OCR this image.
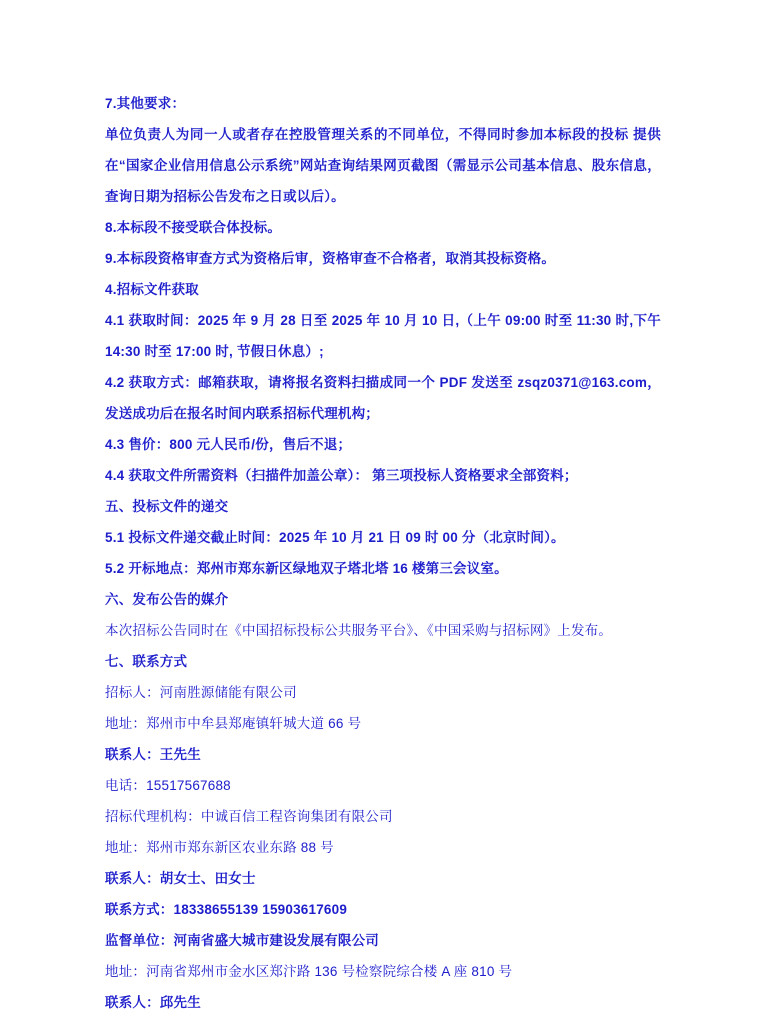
7.其他要求：

单位负责人为同一人或者存在控股管理关系的不同单位，不得同时参加本标段的投标 提供在“国家企业信用信息公示系统”网站查询结果网页截图（需显示公司基本信息、股东信息，查询日期为招标公告发布之日或以后）。

8.本标段不接受联合体投标。

9.本标段资格审查方式为资格后审，资格审查不合格者，取消其投标资格。

4.招标文件获取

4.1 获取时间：2025 年 9 月 28 日至 2025 年 10 月 10 日,（上午 09:00 时至 11:30 时,下午 14:30 时至 17:00 时, 节假日休息）;

4.2 获取方式：邮箱获取，请将报名资料扫描成同一个 PDF 发送至 zsqz0371@163.com，发送成功后在报名时间内联系招标代理机构；

4.3 售价：800 元人民币/份，售后不退；

4.4 获取文件所需资料（扫描件加盖公章）： 第三项投标人资格要求全部资料；

五、投标文件的递交

5.1 投标文件递交截止时间：2025 年 10 月 21 日 09 时 00 分（北京时间）。

5.2 开标地点：郑州市郑东新区绿地双子塔北塔 16 楼第三会议室。

六、发布公告的媒介

本次招标公告同时在《中国招标投标公共服务平台》、《中国采购与招标网》上发布。

七、联系方式

招标人：河南胜源储能有限公司

地址：郑州市中牟县郑庵镇轩城大道 66 号

联系人：王先生

电话：15517567688

招标代理机构：中诚百信工程咨询集团有限公司

地址：郑州市郑东新区农业东路 88 号

联系人：胡女士、田女士

联系方式：18338655139 15903617609

监督单位：河南省盛大城市建设发展有限公司

地址：河南省郑州市金水区郑汴路 136 号检察院综合楼 A 座 810 号

联系人：邱先生
